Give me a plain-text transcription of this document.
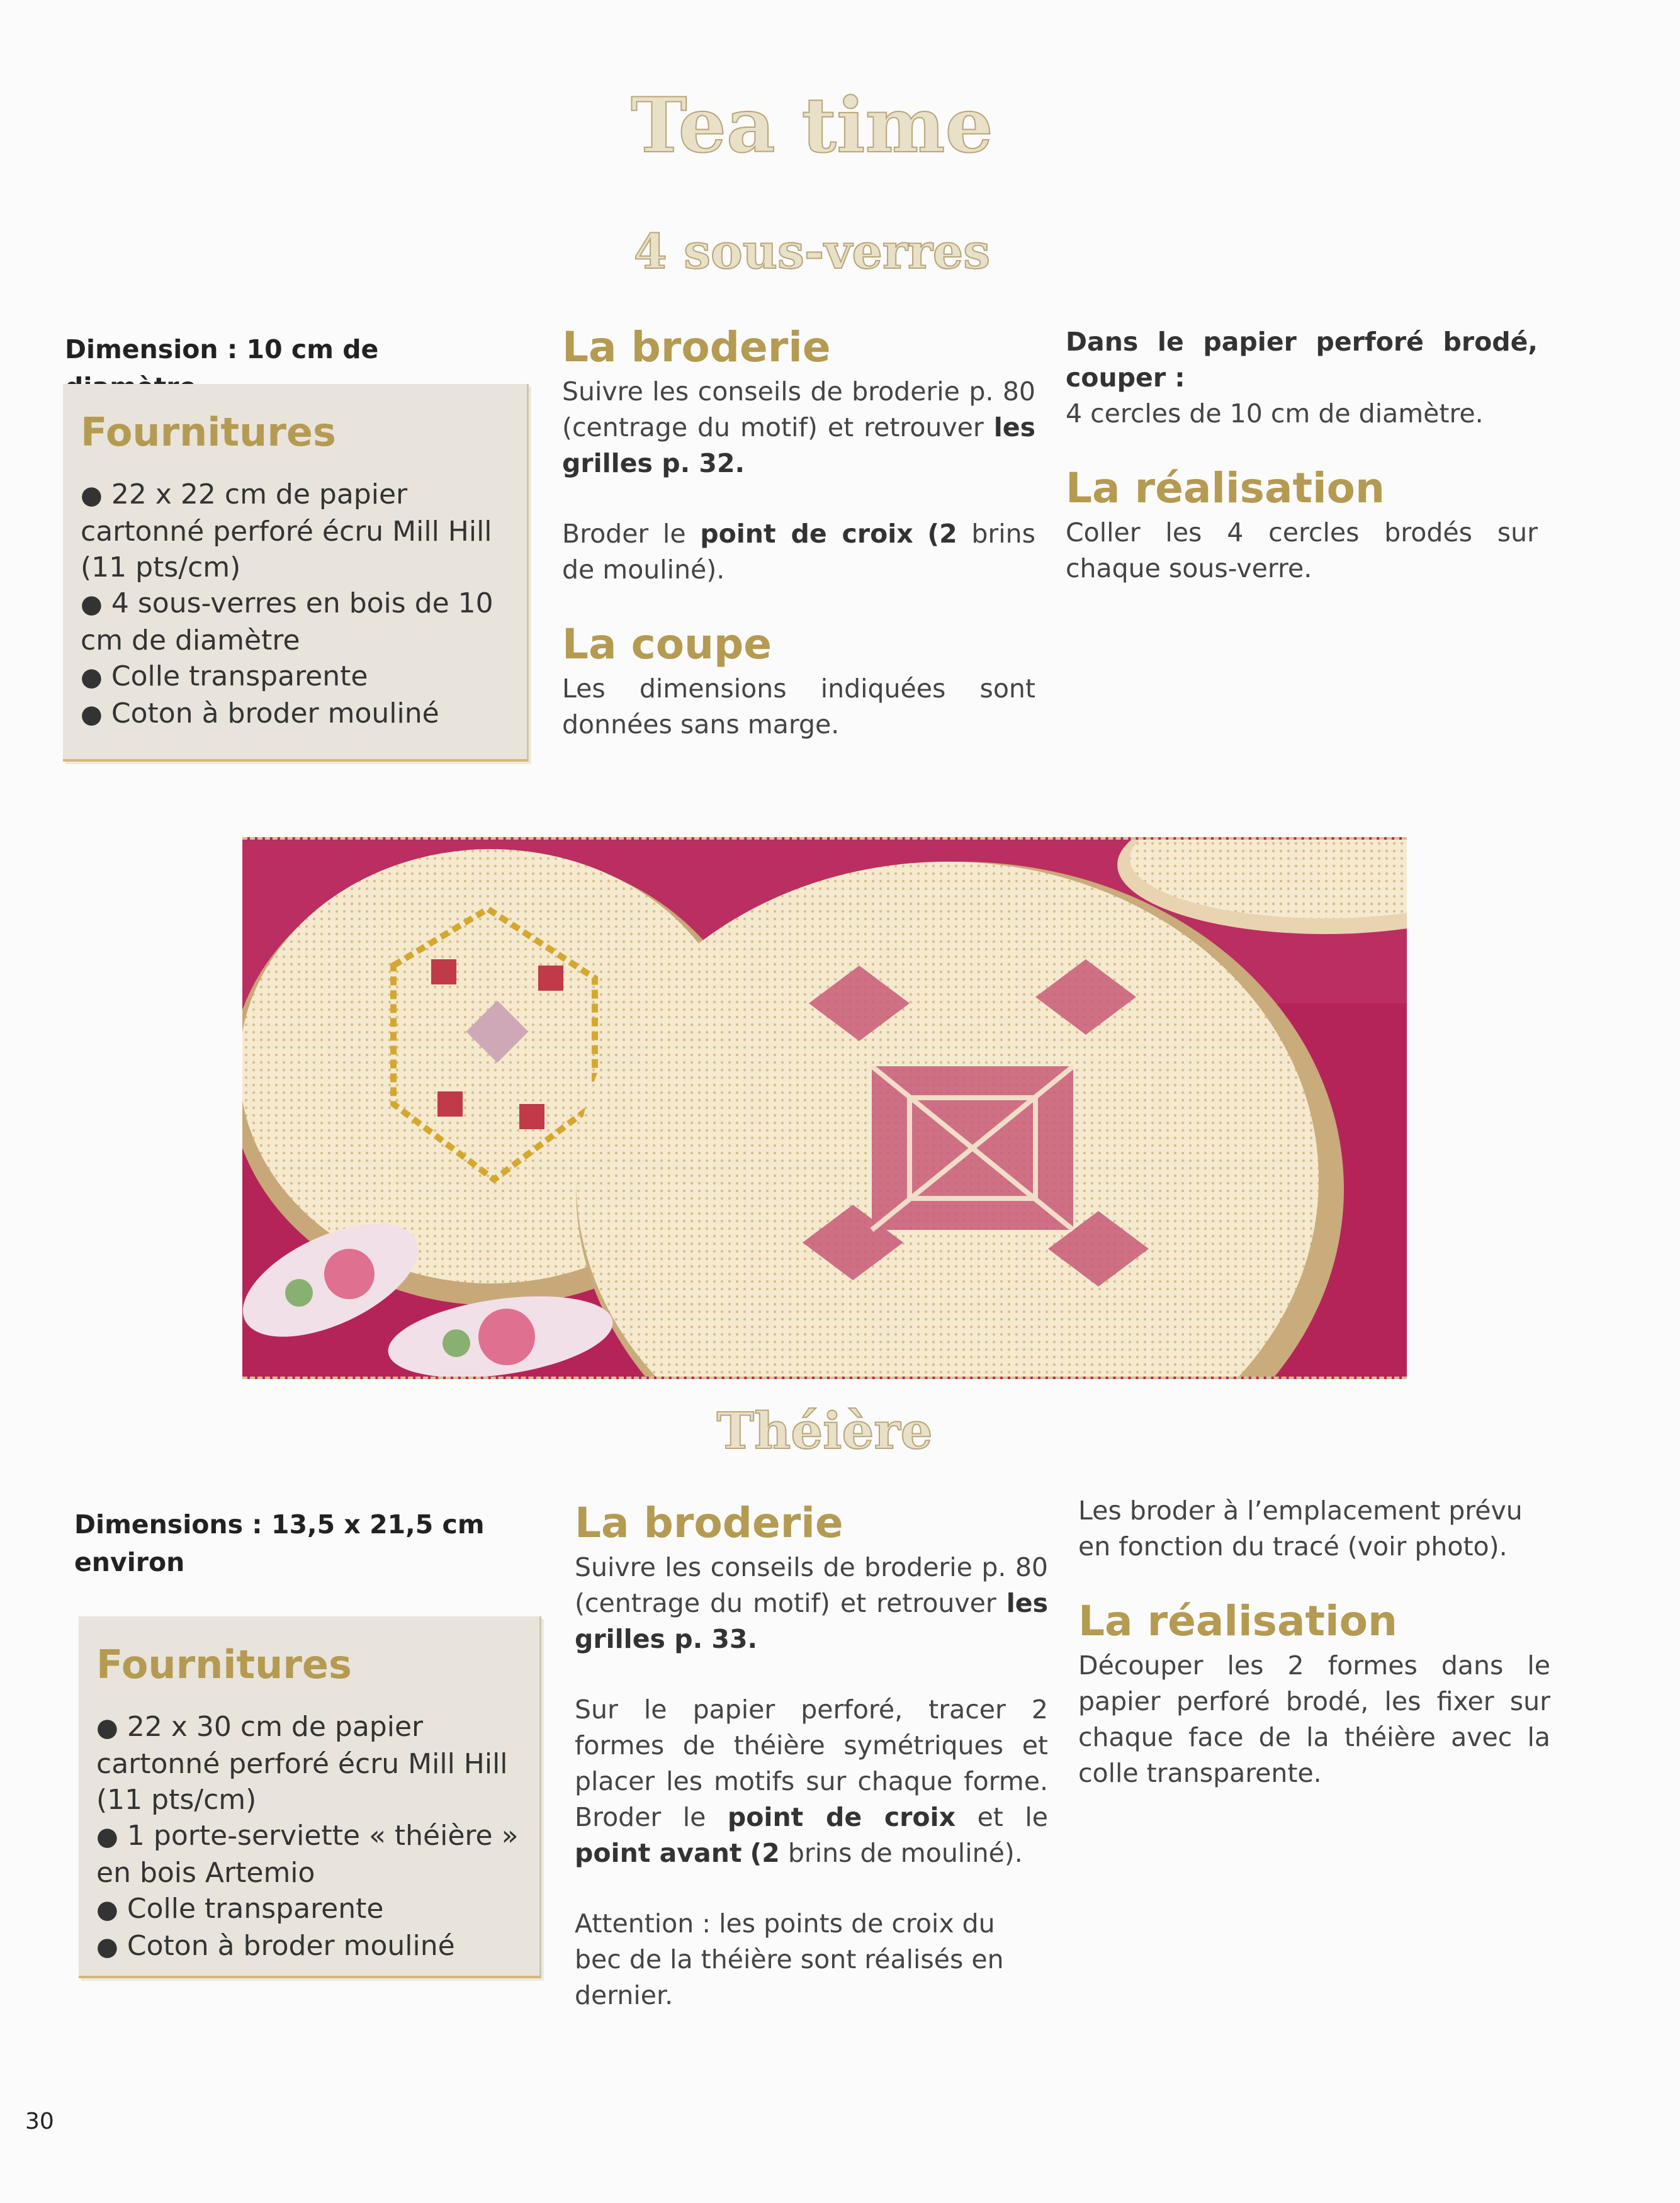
Tea time
4 sous-verres
Dimension : 10 cm de
Fournitures
● 22 x 22 cm de papier cartonné perforé écru Mill Hill (11 pts/cm)
● 4 sous-verres en bois de 10 cm de diamètre
● Colle transparente
● Coton à broder mouliné
La broderie
Suivre les conseils de broderie p. 80 (centrage du motif) et retrouver les grilles p. 32.
Broder le point de croix (2 brins de mouliné).
La coupe
Les dimensions indiquées sont données sans marge.
Dans le papier perforé brodé, couper :
4 cercles de 10 cm de diamètre.
La réalisation
Coller les 4 cercles brodés sur chaque sous-verre.
Théière
Dimensions : 13,5 x 21,5 cm environ
Fournitures
● 22 x 30 cm de papier cartonné perforé écru Mill Hill (11 pts/cm)
● 1 porte-serviette « théière » en bois Artemio
● Colle transparente
● Coton à broder mouliné
La broderie
Suivre les conseils de broderie p. 80 (centrage du motif) et retrouver les grilles p. 33.
Sur le papier perforé, tracer 2 formes de théière symétriques et placer les motifs sur chaque forme. Broder le point de croix et le point avant (2 brins de mouliné).
Attention : les points de croix du bec de la théière sont réalisés en dernier.
Les broder à l’emplacement prévu en fonction du tracé (voir photo).
La réalisation
Découper les 2 formes dans le papier perforé brodé, les fixer sur chaque face de la théière avec la colle transparente.
30
